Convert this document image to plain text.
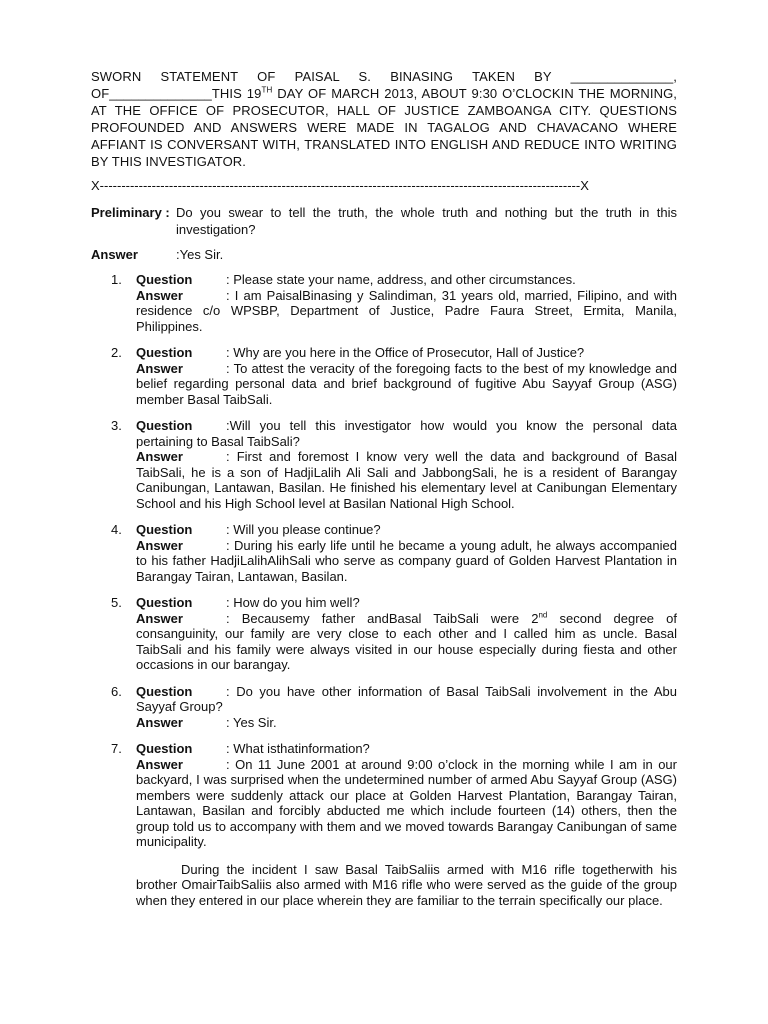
SWORN STATEMENT OF PAISAL S. BINASING TAKEN BY ______________, OF______________THIS 19TH DAY OF MARCH 2013, ABOUT 9:30 O’CLOCKIN THE MORNING, AT THE OFFICE OF PROSECUTOR, HALL OF JUSTICE ZAMBOANGA CITY. QUESTIONS PROFOUNDED AND ANSWERS WERE MADE IN TAGALOG AND CHAVACANO WHERE AFFIANT IS CONVERSANT WITH, TRANSLATED INTO ENGLISH AND REDUCE INTO WRITING BY THIS INVESTIGATOR.
X---------------------------------------------------------------------------------------------------------------X
Preliminary : Do you swear to tell the truth, the whole truth and nothing but the truth in this investigation?
Answer	:Yes Sir.
1.	Question	: Please state your name, address, and other circumstances.
Answer	: I am PaisalBinasing y Salindiman, 31 years old, married, Filipino, and with residence c/o WPSBP, Department of Justice, Padre Faura Street, Ermita, Manila, Philippines.
2.	Question	: Why are you here in the Office of Prosecutor, Hall of Justice?
Answer	: To attest the veracity of the foregoing facts to the best of my knowledge and belief regarding personal data and brief background of fugitive Abu Sayyaf Group (ASG) member Basal TaibSali.
3.	Question	:Will you tell this investigator how would you know the personal data pertaining to Basal TaibSali?
Answer	: First and foremost I know very well the data and background of Basal TaibSali, he is a son of HadjiLalih Ali Sali and JabbongSali, he is a resident of Barangay Canibungan, Lantawan, Basilan. He finished his elementary level at Canibungan Elementary School and his High School level at Basilan National High School.
4.	Question	: Will you please continue?
Answer	: During his early life until he became a young adult, he always accompanied to his father HadjiLalihAlihSali who serve as company guard of Golden Harvest Plantation in Barangay Tairan, Lantawan, Basilan.
5.	Question	: How do you him well?
Answer	: Becausemy father andBasal TaibSali were 2nd second degree of consanguinity, our family are very close to each other and I called him as uncle. Basal TaibSali and his family were always visited in our house especially during fiesta and other occasions in our barangay.
6.	Question	: Do you have other information of Basal TaibSali involvement in the Abu Sayyaf Group?
Answer	: Yes Sir.
7.	Question	: What isthatinformation?
Answer	: On 11 June 2001 at around 9:00 o’clock in the morning while I am in our backyard, I was surprised when the undetermined number of armed Abu Sayyaf Group (ASG) members were suddenly attack our place at Golden Harvest Plantation, Barangay Tairan, Lantawan, Basilan and forcibly abducted me which include fourteen (14) others, then the group told us to accompany with them and we moved towards Barangay Canibungan of same municipality.
During the incident I saw Basal TaibSaliis armed with M16 rifle togetherwith his brother OmairTaibSaliis also armed with M16 rifle who were served as the guide of the group when they entered in our place wherein they are familiar to the terrain specifically our place.
